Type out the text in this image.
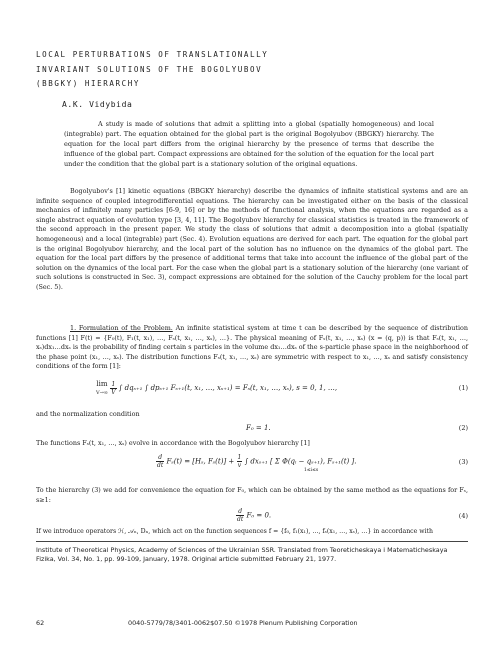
LOCAL PERTURBATIONS OF TRANSLATIONALLY
INVARIANT SOLUTIONS OF THE BOGOLYUBOV
(BBGKY) HIERARCHY
A.K. Vidybida

A study is made of solutions that admit a splitting into a global (spatially homogeneous) and local (integrable) part. The equation obtained for the global part is the original Bogolyubov (BBGKY) hierarchy. The equation for the local part differs from the original hierarchy by the presence of terms that describe the influence of the global part. Compact expressions are obtained for the solution of the equation for the local part under the condition that the global part is a stationary solution of the original equations.

Bogolyubov's [1] kinetic equations (BBGKY hierarchy) describe the dynamics of infinite statistical systems and are an infinite sequence of coupled integrodifferential equations. The hierarchy can be investigated either on the basis of the classical mechanics of infinitely many particles [6-9, 16] or by the methods of functional analysis, when the equations are regarded as a single abstract equation of evolution type [3, 4, 11]. The Bogolyubov hierarchy for classical statistics is treated in the framework of the second approach in the present paper. We study the class of solutions that admit a decomposition into a global (spatially homogeneous) and a local (integrable) part (Sec. 4). Evolution equations are derived for each part. The equation for the global part is the original Bogolyubov hierarchy, and the local part of the solution has no influence on the dynamics of the global part. The equation for the local part differs by the presence of additional terms that take into account the influence of the global part of the solution on the dynamics of the local part. For the case when the global part is a stationary solution of the hierarchy (one variant of such solutions is constructed in Sec. 3), compact expressions are obtained for the solution of the Cauchy problem for the local part (Sec. 5).

1. Formulation of the Problem. An infinite statistical system at time t can be described by the sequence of distribution functions [1] F(t) = {F₀(t), F₁(t, x₁), …, Fₛ(t, x₁, …, xₛ), …}. The physical meaning of Fₛ(t, x₁, …, xₛ) (x = (q, p)) is that Fₛ(t, x₁, …, xₛ)dx₁…dxₛ is the probability of finding certain s particles in the volume dx₁…dxₛ of the s-particle phase space in the neighborhood of the phase point (x₁, …, xₛ). The distribution functions Fₛ(t, x₁, …, xₛ) are symmetric with respect to x₁, …, xₛ and satisfy consistency conditions of the form [1]:

lim
$V\to\infty \frac{1}{V}$ ∫ dqₛ₊₁ ∫ dpₛ₊₁ Fₛ₊₁(t, x₁, …, xₛ₊₁) = Fₛ(t, x₁, …, xₛ), s = 0, 1, …,	(1)

and the normalization condition

F₀ = 1.	(2)

The functions Fₛ(t, x₁, …, xₛ) evolve in accordance with the Bogolyubov hierarchy [1]

$\frac{d}{dt} F_s(t) = [H_s$, $F_s(t)] + \frac{1}{v}$ ∫ dxₛ₊₁ [ Σ Φ(qᵢ − qₛ₊₁), Fₛ₊₁(t) ].
1≤i≤s
(3)

To the hierarchy (3) we add for convenience the equation for F₀, which can be obtained by the same method as the equations for Fₛ, s≥1:

$\frac{d}{dt} F_0 = 0$.	(4)

If we introduce operators ℋ, 𝒜ₙ, Dₙ, which act on the function sequences f = {f₀, f₁(x₁), …, fₛ(x₁, …, xₛ), …} in accordance with

Institute of Theoretical Physics, Academy of Sciences of the Ukrainian SSR. Translated from Teoreticheskaya i Matematicheskaya Fizika, Vol. 34, No. 1, pp. 99-109, January, 1978. Original article submitted February 21, 1977.

62	0040-5779/78/3401-0062$07.50 ©1978 Plenum Publishing Corporation
